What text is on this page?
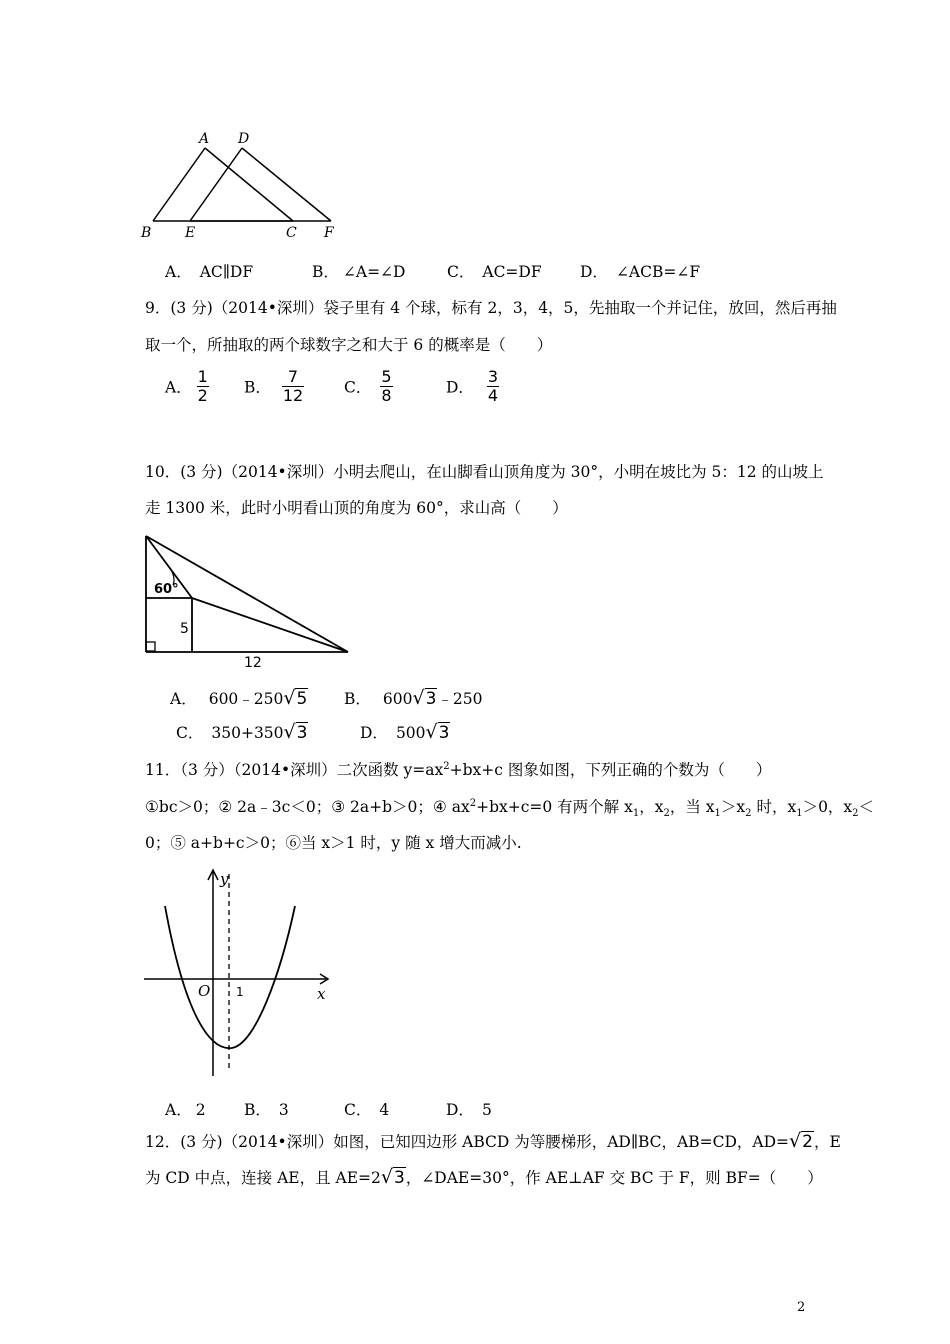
A D
B E	C F
A． AC∥DF	B． ∠A=∠D	C． AC=DF D． ∠ACB=∠F
9．(3 分)（2014•深圳）袋子里有 4 个球，标有 2，3，4，5，先抽取一个并记住，放回，然后再抽
取一个，所抽取的两个球数字之和大于 6 的概率是（　　）
A． $\frac{1}{2}$ B． $\frac{7}{12}$	C． $\frac{5}{8}$	D． $\frac{3}{4}$
10．(3 分)（2014•深圳）小明去爬山，在山脚看山顶角度为 30°，小明在坡比为 5：12 的山坡上
走 1300 米，此时小明看山顶的角度为 60°，求山高（　　）
60°
5
12
A． 600﹣250√5 B． 600√3﹣250
C． 350+350√3	D． 500√3
11．（3 分）（2014•深圳）二次函数 $y=ax^2+bx+c$ 图象如图，下列正确的个数为（　　）
①bc＞0；② 2a﹣3c＜0；③ 2a+b＞0；④ $ax^2+bx+c=0$ 有两个解 $x_1$，$x_2$，当 $x_1>x_2$ 时，$x_1>0$，$x_2<$
0；⑤ a+b+c＞0；⑥当 x＞1 时，y 随 x 增大而减小.
y
x
O 1
A． 2 B． 3	C． 4	D． 5
12．(3 分)（2014•深圳）如图，已知四边形 ABCD 为等腰梯形，AD∥BC，AB=CD，AD=√2，E
为 CD 中点，连接 AE，且 AE=2√3，∠DAE=30°，作 AE⊥AF 交 BC 于 F，则 BF=（　　）
2
